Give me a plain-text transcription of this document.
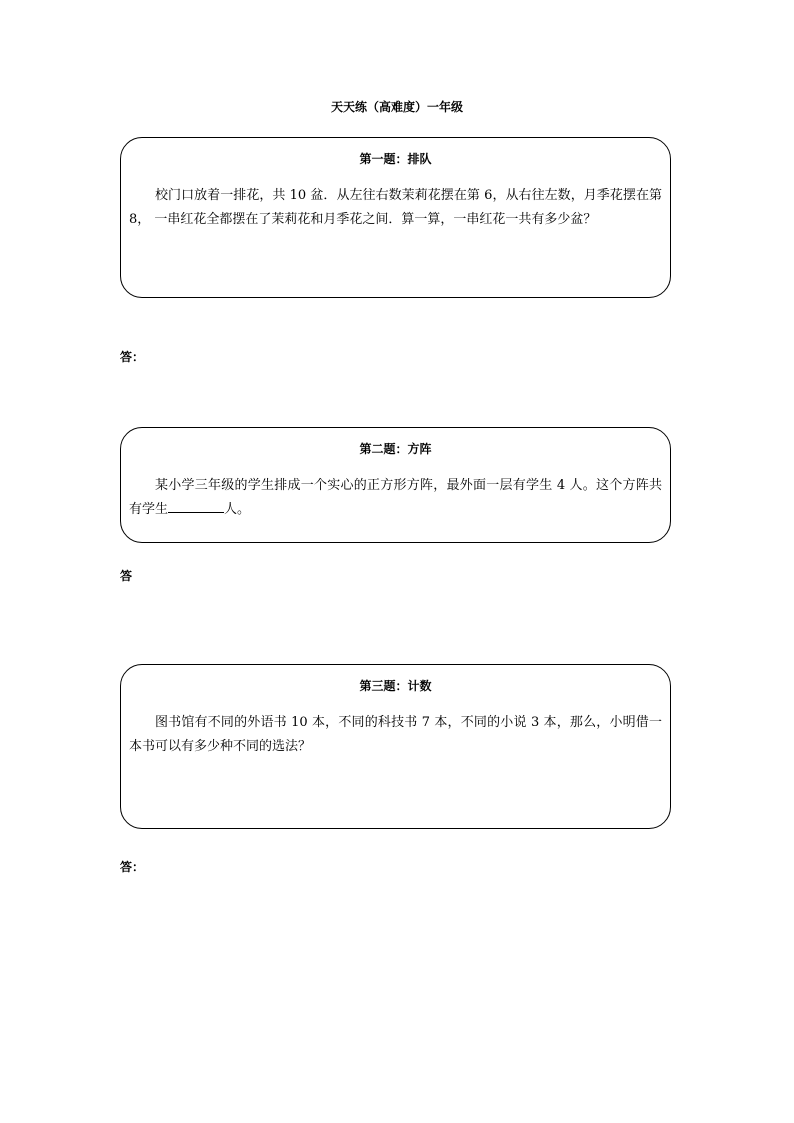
天天练（高难度）一年级
第一题：排队
校门口放着一排花，共 10 盆．从左往右数茉莉花摆在第 6，从右往左数，月季花摆在第 8， 一串红花全都摆在了茉莉花和月季花之间．算一算，一串红花一共有多少盆？
答：
第二题：方阵
某小学三年级的学生排成一个实心的正方形方阵，最外面一层有学生 4 人。这个方阵共有学生	人。
答
第三题：计数
图书馆有不同的外语书 10 本，不同的科技书 7 本，不同的小说 3 本，那么，小明借一本书可以有多少种不同的选法？
答：
